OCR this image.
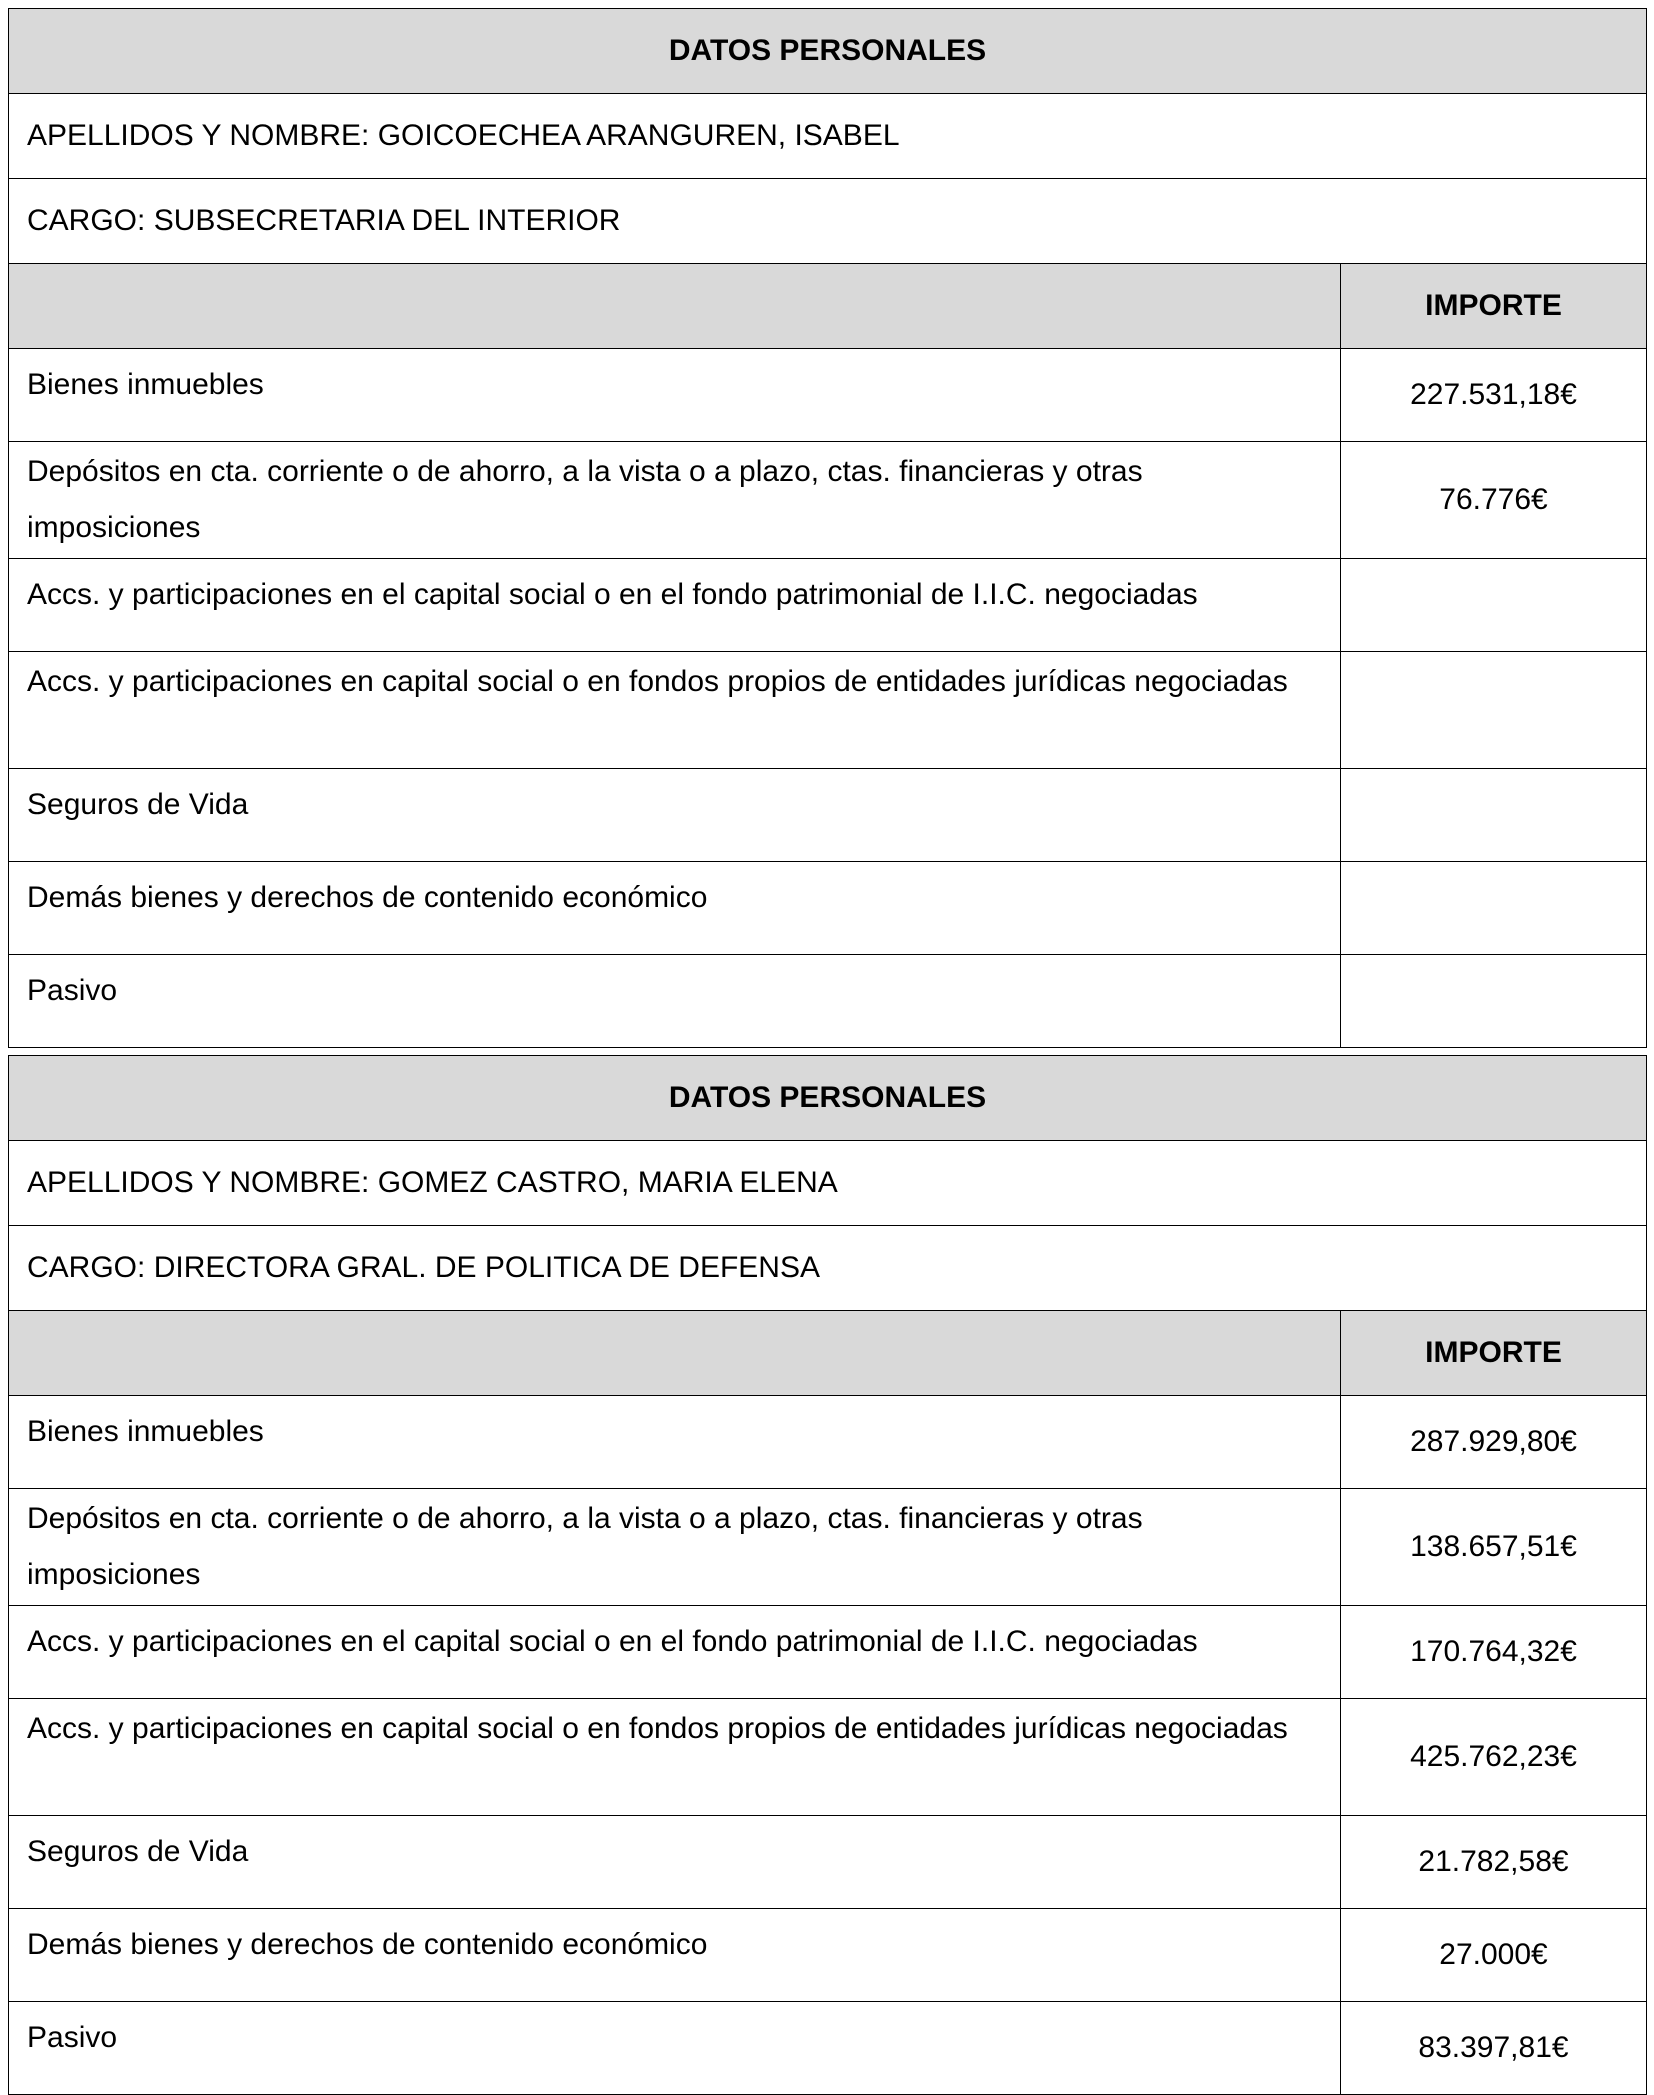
DATOS PERSONALES	
APELLIDOS Y NOMBRE: GOICOECHEA ARANGUREN, ISABEL	
CARGO: SUBSECRETARIA DEL INTERIOR	
	IMPORTE
Bienes inmuebles	227.531,18€
Depósitos en cta. corriente o de ahorro, a la vista o a plazo, ctas. financieras y otras imposiciones	76.776€
Accs. y participaciones en el capital social o en el fondo patrimonial de I.I.C. negociadas	
Accs. y participaciones en capital social o en fondos propios de entidades jurídicas negociadas	
Seguros de Vida	
Demás bienes y derechos de contenido económico	
Pasivo	
DATOS PERSONALES	
APELLIDOS Y NOMBRE: GOMEZ CASTRO, MARIA ELENA	
CARGO: DIRECTORA GRAL. DE POLITICA DE DEFENSA	
	IMPORTE
Bienes inmuebles	287.929,80€
Depósitos en cta. corriente o de ahorro, a la vista o a plazo, ctas. financieras y otras imposiciones	138.657,51€
Accs. y participaciones en el capital social o en el fondo patrimonial de I.I.C. negociadas	170.764,32€
Accs. y participaciones en capital social o en fondos propios de entidades jurídicas negociadas	425.762,23€
Seguros de Vida	21.782,58€
Demás bienes y derechos de contenido económico	27.000€
Pasivo	83.397,81€
